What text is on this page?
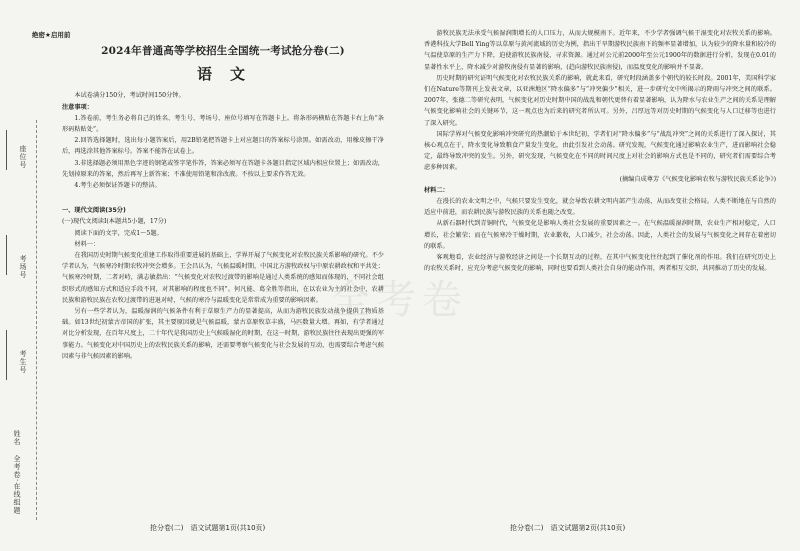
座位号
考场号
考生号
姓名
全考卷·在线组题
绝密★启用前
2024年普通高等学校招生全国统一考试抢分卷(二)
语文

本试卷满分150分，考试时间150分钟。

注意事项：

1.答卷前，考生务必将自己的姓名、考生号、考场号、座位号填写在答题卡上。将条形码横贴在答题卡右上角“条形码粘贴处”。

2.回答选择题时，选出每小题答案后，用2B铅笔把答题卡上对应题目的答案标号涂黑。如需改动，用橡皮擦干净后，再选涂其他答案标号。答案不能答在试卷上。

3.非选择题必须用黑色字迹的钢笔或签字笔作答，答案必须写在答题卡各题目指定区域内相应位置上；如需改动，先划掉原来的答案，然后再写上新答案；不准使用铅笔和涂改液。不按以上要求作答无效。

4.考生必须保证答题卡的整洁。

一、现代文阅读(35分)

(一)现代文阅读Ⅰ(本题共5小题，17分)

阅读下面的文字，完成1～5题。

材料一：

在我国历史时期气候变化重建工作取得重要进展的基础上，学界开展了气候变化对农牧民族关系影响的研究。不少学者认为，气候寒冷时期农牧冲突会增多。王会昌认为，气候温暖时期，中国北方游牧政权与中原农耕政权和平共处；气候寒冷时期，二者对峙，满志敏指出：“气候变化对农牧过渡带的影响是通过人类系统的感知而体现的，不同社会组织形式的感知方式和适应手段不同，对其影响的程度也不同”。何凡能、葛全胜等指出，在以农业为主的社会中，农耕民族和游牧民族在农牧过渡带的进退对峙，气候的寒冷与温暖变化是常常成为重要的影响因素。

另有一些学者认为，温暖湿润的气候条件有利于草原生产力的显著提高，从而为游牧民族发动战争提供了物质基础。如13世纪初蒙古帝国的扩张，其主要原因就是气候温暖，蒙古草原牧草丰盛，马匹数量大增。再如，有学者通过对比分析发现，在百年尺度上，二十年代是我国历史上气候暖湿化的时期，在这一时期，游牧民族往往表现出更强的军事能力。气候变化对中国历史上的农牧民族关系的影响，还需要考察气候变化与社会发展的互动，也需要综合考虑气候因素与非气候因素的影响。

抢分卷(二)　语文试题第1页(共10页)

游牧民族无法承受气候湿润期增长的人口压力，从而大规模南下。近年来，不少学者强调气候干湿变化对农牧关系的影响。香港科技大学Bell Ying等以草原与黄河流域的历史为例，指出干旱期游牧民族南下的频率显著增加，认为较少的降水量和较冷的气温使草原的生产力下降，迫使游牧民族南侵，寻求资源。通过对公元前2000年至公元1900年的数据进行分析，发现在0.01的显著性水平上，降水减少对游牧南侵有显著的影响，(趋向游牧民族南侵)，而温度变化的影响并不显著。

历史时期的研究证明气候变化对农牧民族关系的影响，就此来看，研究时段涵盖多个朝代的较长时段。2001年，美国科学家们在Nature等期刊上发表文章，以亚洲地区“降水偏多”与“冲突偏少”相关，进一步研究文中所揭示的降雨与冲突之间的联系。2007年，张德二等研究表明，气候变化对历史时期中国的战乱和朝代更替有着显著影响，认为降水与农业生产之间的关系是理解气候变化影响社会的关键环节，这一观点也为后来的研究者所认可。另外，吕厚远等对历史时期的气候变化与人口迁移等也进行了深入研究。

国际学界对气候变化影响冲突研究的热潮始于本世纪初，学者们对“降水偏多”与“战乱冲突”之间的关系进行了深入探讨，其核心观点在于，降水变化导致粮食产量发生变化，由此引发社会动荡。研究发现，气候变化通过影响农业生产，进而影响社会稳定，最终导致冲突的发生。另外，研究发现，气候变化在不同的时间尺度上对社会的影响方式也是不同的，研究者们需要综合考虑多种因素。

(摘编自成尊芳《气候变化影响农牧与游牧民族关系论争》)

材料二：

在漫长的农业文明之中，气候只要发生变化，就会导致农耕文明内部产生动荡，从而改变社会格局。人类不断地在与自然的适应中前进，而农耕民族与游牧民族的关系也随之改变。

从新石器时代到青铜时代，气候变化是影响人类社会发展的重要因素之一。在气候温暖湿润时期，农业生产相对稳定，人口增长，社会繁荣；而在气候寒冷干燥时期，农业歉收，人口减少，社会动荡。因此，人类社会的发展与气候变化之间存在着密切的联系。

客观地看，农业经济与游牧经济之间是一个长期互动的过程，在其中气候变化往往起到了催化剂的作用。我们在研究历史上的农牧关系时，应充分考虑气候变化的影响，同时也要看到人类社会自身的能动作用，两者相互交织，共同推动了历史的发展。

抢分卷(二)　语文试题第2页(共10页)
全考卷
